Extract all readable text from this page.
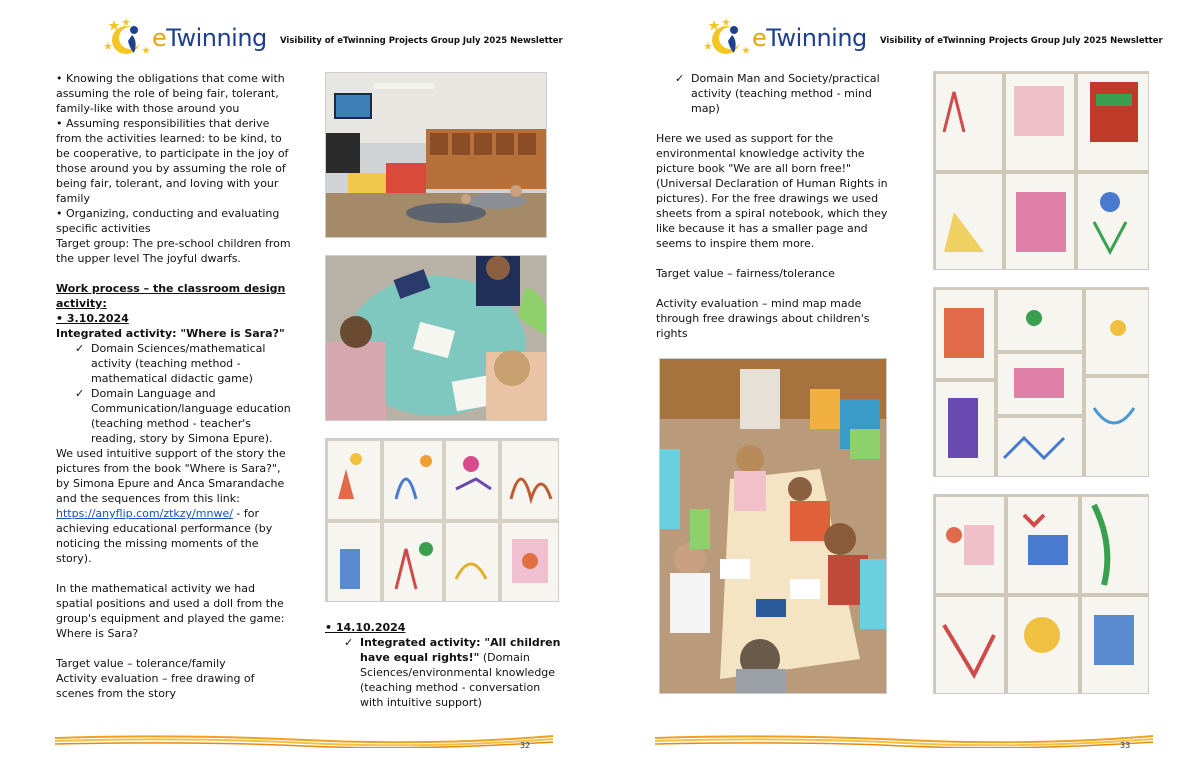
eTwinning Visibility of eTwinning Projects Group July 2025 Newsletter

• Knowing the obligations that come with assuming the role of being fair, tolerant, family-like with those around you

• Assuming responsibilities that derive from the activities learned: to be kind, to be cooperative, to participate in the joy of those around you by assuming the role of being fair, tolerant, and loving with your family

• Organizing, conducting and evaluating specific activities

Target group: The pre-school children from the upper level The joyful dwarfs.

Work process – the classroom design activity:

• 3.10.2024

Integrated activity: "Where is Sara?"

✓ Domain Sciences/mathematical activity (teaching method - mathematical didactic game)

✓ Domain Language and Communication/language education (teaching method - teacher's reading, story by Simona Epure).

We used intuitive support of the story the pictures from the book "Where is Sara?", by Simona Epure and Anca Smarandache and the sequences from this link: https://anyflip.com/ztkzy/mnwe/ - for achieving educational performance (by noticing the missing moments of the story).

In the mathematical activity we had spatial positions and used a doll from the group's equipment and played the game: Where is Sara?

Target value – tolerance/family

Activity evaluation – free drawing of scenes from the story

• 14.10.2024

✓ Integrated activity: "All children have equal rights!" (Domain Sciences/environmental knowledge (teaching method - conversation with intuitive support)

32
eTwinning Visibility of eTwinning Projects Group July 2025 Newsletter

✓ Domain Man and Society/practical activity (teaching method - mind map)

Here we used as support for the environmental knowledge activity the picture book "We are all born free!" (Universal Declaration of Human Rights in pictures). For the free drawings we used sheets from a spiral notebook, which they like because it has a smaller page and seems to inspire them more.

Target value – fairness/tolerance

Activity evaluation – mind map made through free drawings about children's rights

33
